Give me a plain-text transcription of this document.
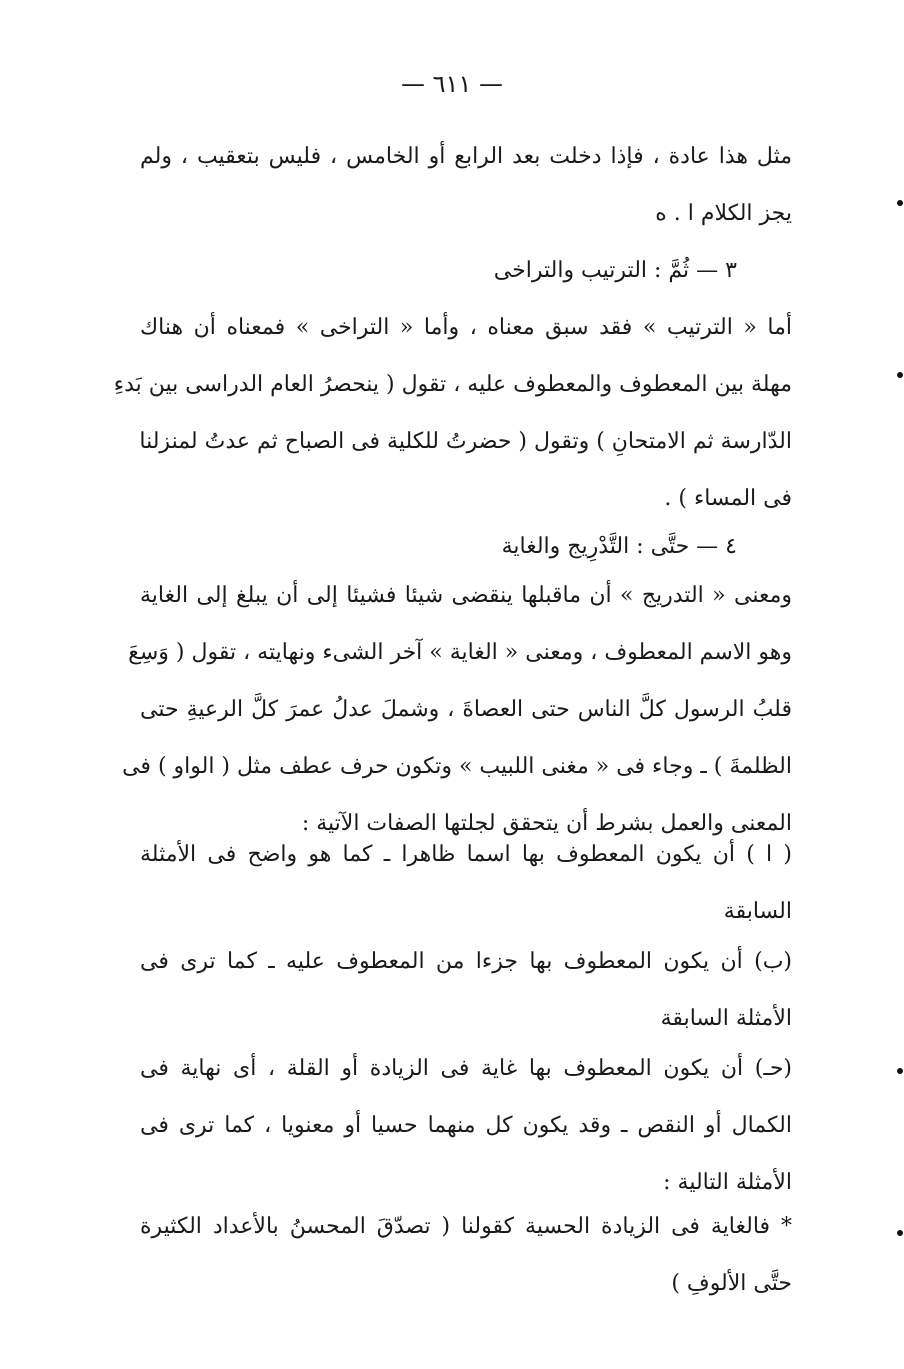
— ٦١١ —
مثل هذا عادة ، فإذا دخلت بعد الرابع أو الخامس ، فليس بتعقيب ، ولم
يجز الكلام ا . ه
٣ — ثُمَّ : الترتيب والتراخى
أما « الترتيب » فقد سبق معناه ، وأما « التراخى » فمعناه أن هناك
مهلة بين المعطوف والمعطوف عليه ، تقول ( ينحصرُ العام الدراسى بين بَدءِ
الدّارسة ثم الامتحانِ ) وتقول ( حضرتُ للكلية فى الصباح ثم عدتُ لمنزلنا
فى المساء ) .
٤ — حتَّى : التَّدْرِيج والغاية
ومعنى « التدريج » أن ماقبلها ينقضى شيئا فشيئا إلى أن يبلغ إلى الغاية
وهو الاسم المعطوف ، ومعنى « الغاية » آخر الشىء ونهايته ، تقول ( وَسِعَ
قلبُ الرسول كلَّ الناس حتى العصاةَ ، وشملَ عدلُ عمرَ كلَّ الرعيةِ حتى
الظلمةَ ) ـ وجاء فى « مغنى اللبيب » وتكون حرف عطف مثل ( الواو ) فى
المعنى والعمل بشرط أن يتحقق لجلتها الصفات الآتية :
( ا ) أن يكون المعطوف بها اسما ظاهرا ـ كما هو واضح فى الأمثلة
السابقة
(ب) أن يكون المعطوف بها جزءا من المعطوف عليه ـ كما ترى فى
الأمثلة السابقة
(حـ) أن يكون المعطوف بها غاية فى الزيادة أو القلة ، أى نهاية فى
الكمال أو النقص ـ وقد يكون كل منهما حسيا أو معنويا ، كما ترى فى
الأمثلة التالية :
* فالغاية فى الزيادة الحسية كقولنا ( تصدّقَ المحسنُ بالأعداد الكثيرة
حتَّى الألوفِ )
